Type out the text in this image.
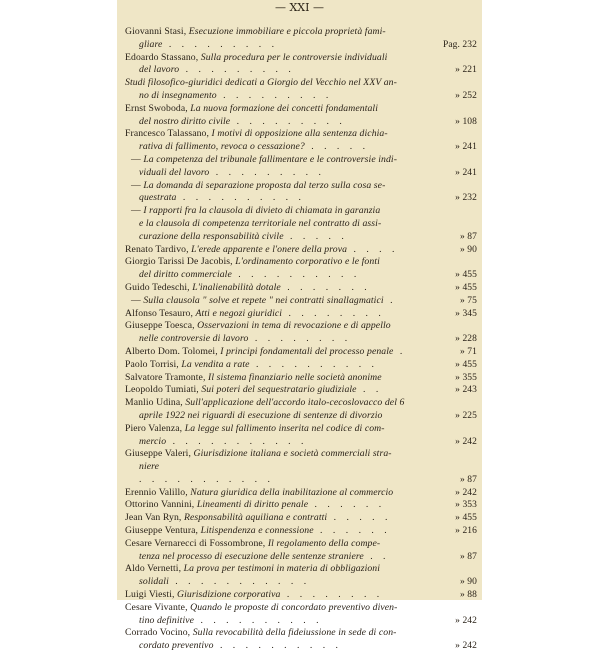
— XXI —
Giovanni Stasi, Esecuzione immobiliare e piccola proprietà fami-
gliare . . . . . . . . .	Pag. 232
Edoardo Stassano, Sulla procedura per le controversie individuali
del lavoro . . . . . . . . .	» 221
Studi filosofico-giuridici dedicati a Giorgio del Vecchio nel XXV an-
no di insegnamento . . . . . . . . .	» 252
Ernst Swoboda, La nuova formazione dei concetti fondamentali
del nostro diritto civile . . . . . . . . .	» 108
Francesco Talassano, I motivi di opposizione alla sentenza dichia-
rativa di fallimento, revoca o cessazione? . . . . .	» 241
— La competenza del tribunale fallimentare e le controversie indi-
viduali del lavoro . . . . . . . . .	» 241
— La domanda di separazione proposta dal terzo sulla cosa se-
questrata . . . . . . . . . .	» 232
— I rapporti fra la clausola di divieto di chiamata in garanzia
e la clausola di competenza territoriale nel contratto di assi-
curazione della responsabilità civile . . . . .	» 87
Renato Tardivo, L'erede apparente e l'onere della prova . . . .	» 90
Giorgio Tarissi De Jacobis, L'ordinamento corporativo e le fonti
del diritto commerciale . . . . . . . . . .	» 455
Guido Tedeschi, L'inalienabilità dotale . . . . . . .	» 455
— Sulla clausola " solve et repete " nei contratti sinallagmatici .	» 75
Alfonso Tesauro, Atti e negozi giuridici . . . . . . . .	» 345
Giuseppe Toesca, Osservazioni in tema di revocazione e di appello
nelle controversie di lavoro . . . . . . . .	» 228
Alberto Dom. Tolomei, I principi fondamentali del processo penale .	» 71
Paolo Torrisi, La vendita a rate . . . . . . . . . .	» 455
Salvatore Tramonte, Il sistema finanziario nelle società anonime	» 355
Leopoldo Tumiati, Sui poteri del sequestratario giudiziale . .	» 243
Manlio Udina, Sull'applicazione dell'accordo italo-cecoslovacco del 6
aprile 1922 nei riguardi di esecuzione di sentenze di divorzio	» 225
Piero Valenza, La legge sul fallimento inserita nel codice di com-
mercio . . . . . . . . . . .	» 242
Giuseppe Valeri, Giurisdizione italiana e società commerciali stra-
niere
. . . . . . . . . . .	» 87
Erennio Valillo, Natura giuridica della inabilitazione al commercio	» 242
Ottorino Vannini, Lineamenti di diritto penale . . . . . .	» 353
Jean Van Ryn, Responsabilità aquiliana e contratti . . . . .	» 455
Giuseppe Ventura, Litispendenza e connessione . . . . . .	» 216
Cesare Vernarecci di Fossombrone, Il regolamento della compe-
tenza nel processo di esecuzione delle sentenze straniere . .	» 87
Aldo Vernetti, La prova per testimoni in materia di obbligazioni
solidali . . . . . . . . . . .	» 90
Luigi Viesti, Giurisdizione corporativa . . . . . . . .	» 88
Cesare Vivante, Quando le proposte di concordato preventivo diven-
tino definitive . . . . . . . . . .	» 242
Corrado Vocino, Sulla revocabilità della fideiussione in sede di con-
cordato preventivo . . . . . . . . . .	» 242
